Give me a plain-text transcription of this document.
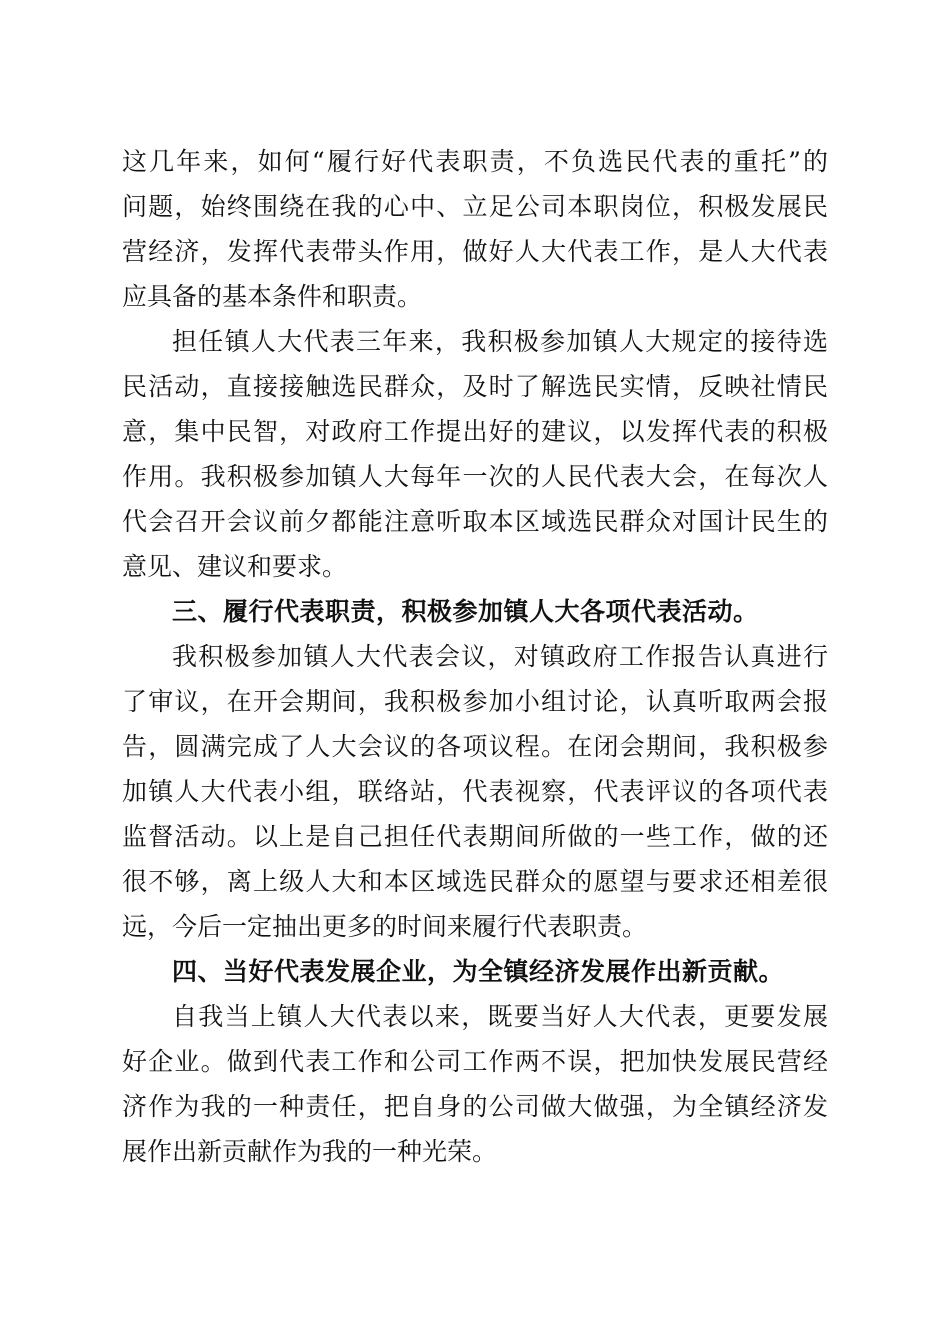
这几年来，如何“履行好代表职责，不负选民代表的重托”的
问题，始终围绕在我的心中、立足公司本职岗位，积极发展民
营经济，发挥代表带头作用，做好人大代表工作，是人大代表
应具备的基本条件和职责。
担任镇人大代表三年来，我积极参加镇人大规定的接待选
民活动，直接接触选民群众，及时了解选民实情，反映社情民
意，集中民智，对政府工作提出好的建议，以发挥代表的积极
作用。我积极参加镇人大每年一次的人民代表大会，在每次人
代会召开会议前夕都能注意听取本区域选民群众对国计民生的
意见、建议和要求。
三、履行代表职责，积极参加镇人大各项代表活动。
我积极参加镇人大代表会议，对镇政府工作报告认真进行
了审议，在开会期间，我积极参加小组讨论，认真听取两会报
告，圆满完成了人大会议的各项议程。在闭会期间，我积极参
加镇人大代表小组，联络站，代表视察，代表评议的各项代表
监督活动。以上是自己担任代表期间所做的一些工作，做的还
很不够，离上级人大和本区域选民群众的愿望与要求还相差很
远，今后一定抽出更多的时间来履行代表职责。
四、当好代表发展企业，为全镇经济发展作出新贡献。
自我当上镇人大代表以来，既要当好人大代表，更要发展
好企业。做到代表工作和公司工作两不误，把加快发展民营经
济作为我的一种责任，把自身的公司做大做强，为全镇经济发
展作出新贡献作为我的一种光荣。
